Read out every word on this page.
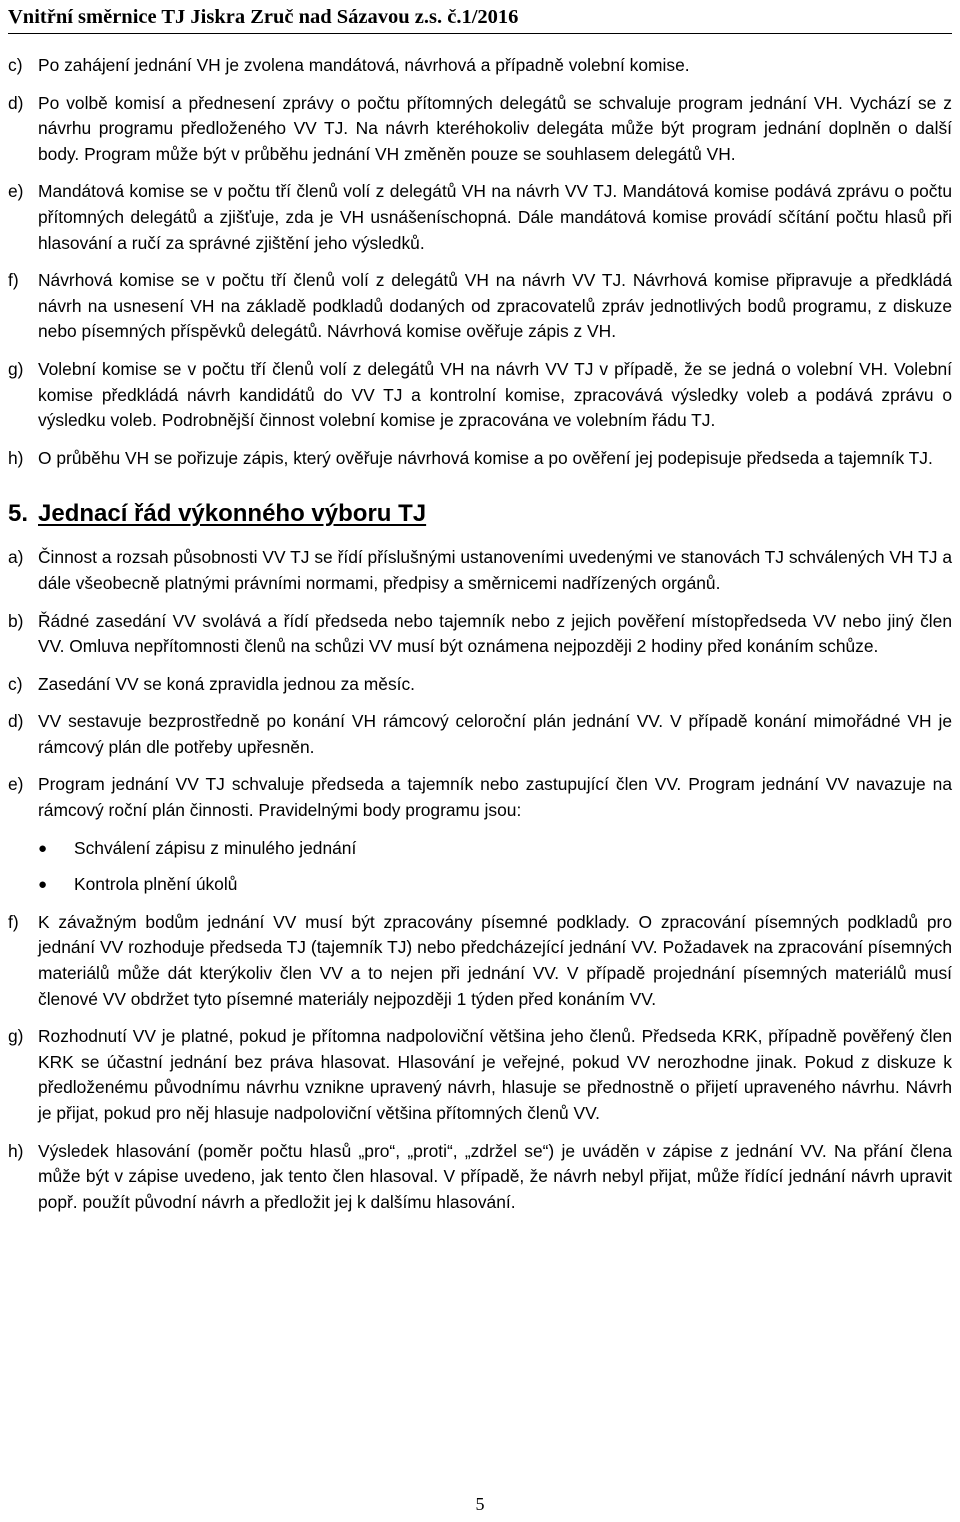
Vnitřní směrnice TJ Jiskra Zruč nad Sázavou z.s. č.1/2016
c) Po zahájení jednání VH je zvolena mandátová, návrhová a případně volební komise.
d) Po volbě komisí a přednesení zprávy o počtu přítomných delegátů se schvaluje program jednání VH. Vychází se z návrhu programu předloženého VV TJ. Na návrh kteréhokoliv delegáta může být program jednání doplněn o další body. Program může být v průběhu jednání VH změněn pouze se souhlasem delegátů VH.
e) Mandátová komise se v počtu tří členů volí z delegátů VH na návrh VV TJ. Mandátová komise podává zprávu o počtu přítomných delegátů a zjišťuje, zda je VH usnášeníschopná. Dále mandátová komise provádí sčítání počtu hlasů při hlasování a ručí za správné zjištění jeho výsledků.
f)	Návrhová komise se v počtu tří členů volí z delegátů VH na návrh VV TJ. Návrhová komise připravuje a předkládá návrh na usnesení VH na základě podkladů dodaných od zpracovatelů zpráv jednotlivých bodů programu, z diskuze nebo písemných příspěvků delegátů. Návrhová komise ověřuje zápis z VH.
g) Volební komise se v počtu tří členů volí z delegátů VH na návrh VV TJ v případě, že se jedná o volební VH. Volební komise předkládá návrh kandidátů do VV TJ a kontrolní komise, zpracovává výsledky voleb a podává zprávu o výsledku voleb. Podrobnější činnost volební komise je zpracována ve volebním řádu TJ.
h) O průběhu VH se pořizuje zápis, který ověřuje návrhová komise a po ověření jej podepisuje předseda a tajemník TJ.
5. Jednací řád výkonného výboru TJ
a) Činnost a rozsah působnosti VV TJ se řídí příslušnými ustanoveními uvedenými ve stanovách TJ schválených VH TJ a dále všeobecně platnými právními normami, předpisy a směrnicemi nadřízených orgánů.
b) Řádné zasedání VV svolává a řídí předseda nebo tajemník nebo z jejich pověření místopředseda VV nebo jiný člen VV. Omluva nepřítomnosti členů na schůzi VV musí být oznámena nejpozději 2 hodiny před konáním schůze.
c) Zasedání VV se koná zpravidla jednou za měsíc.
d) VV sestavuje bezprostředně po konání VH rámcový celoroční plán jednání VV. V případě konání mimořádné VH je rámcový plán dle potřeby upřesněn.
e) Program jednání VV TJ schvaluje předseda a tajemník nebo zastupující člen VV. Program jednání VV navazuje na rámcový roční plán činnosti. Pravidelnými body programu jsou:
●	Schválení zápisu z minulého jednání
●	Kontrola plnění úkolů
f)	K závažným bodům jednání VV musí být zpracovány písemné podklady. O zpracování písemných podkladů pro jednání VV rozhoduje předseda TJ (tajemník TJ) nebo předcházející jednání VV. Požadavek na zpracování písemných materiálů může dát kterýkoliv člen VV a to nejen při jednání VV. V případě projednání písemných materiálů musí členové VV obdržet tyto písemné materiály nejpozději 1 týden před konáním VV.
g) Rozhodnutí VV je platné, pokud je přítomna nadpoloviční většina jeho členů. Předseda KRK, případně pověřený člen KRK se účastní jednání bez práva hlasovat. Hlasování je veřejné, pokud VV nerozhodne jinak. Pokud z diskuze k předloženému původnímu návrhu vznikne upravený návrh, hlasuje se přednostně o přijetí upraveného návrhu. Návrh je přijat, pokud pro něj hlasuje nadpoloviční většina přítomných členů VV.
h) Výsledek hlasování (poměr počtu hlasů „pro“, „proti“, „zdržel se“) je uváděn v zápise z jednání VV. Na přání člena může být v zápise uvedeno, jak tento člen hlasoval. V případě, že návrh nebyl přijat, může řídící jednání návrh upravit popř. použít původní návrh a předložit jej k dalšímu hlasování.
5
